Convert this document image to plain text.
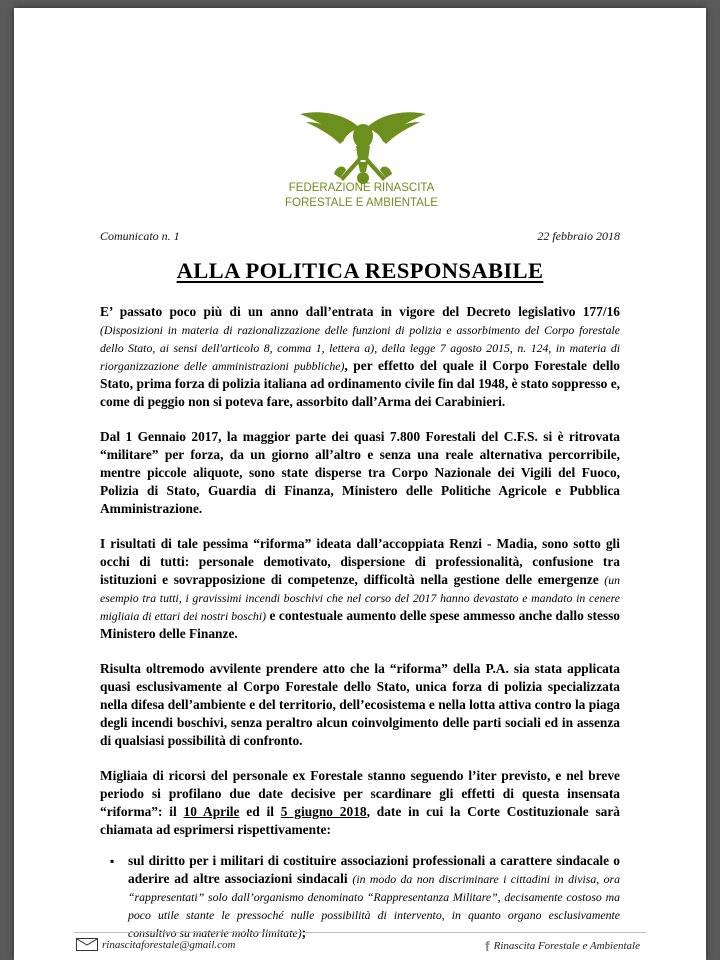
FEDERAZIONE RINASCITA
FORESTALE E AMBIENTALE
Comunicato n. 1	22 febbraio 2018
ALLA POLITICA RESPONSABILE

E’ passato poco più di un anno dall’entrata in vigore del Decreto legislativo 177/16 (Disposizioni in materia di razionalizzazione delle funzioni di polizia e assorbimento del Corpo forestale dello Stato, ai sensi dell'articolo 8, comma 1, lettera a), della legge 7 agosto 2015, n. 124, in materia di riorganizzazione delle amministrazioni pubbliche), per effetto del quale il Corpo Forestale dello Stato, prima forza di polizia italiana ad ordinamento civile fin dal 1948, è stato soppresso e, come di peggio non si poteva fare, assorbito dall’Arma dei Carabinieri.

Dal 1 Gennaio 2017, la maggior parte dei quasi 7.800 Forestali del C.F.S. si è ritrovata “militare” per forza, da un giorno all’altro e senza una reale alternativa percorribile, mentre piccole aliquote, sono state disperse tra Corpo Nazionale dei Vigili del Fuoco, Polizia di Stato, Guardia di Finanza, Ministero delle Politiche Agricole e Pubblica Amministrazione.

I risultati di tale pessima “riforma” ideata dall’accoppiata Renzi - Madia, sono sotto gli occhi di tutti: personale demotivato, dispersione di professionalità, confusione tra istituzioni e sovrapposizione di competenze, difficoltà nella gestione delle emergenze (un esempio tra tutti, i gravissimi incendi boschivi che nel corso del 2017 hanno devastato e mandato in cenere migliaia di ettari dei nostri boschi) e contestuale aumento delle spese ammesso anche dallo stesso Ministero delle Finanze.

Risulta oltremodo avvilente prendere atto che la “riforma” della P.A. sia stata applicata quasi esclusivamente al Corpo Forestale dello Stato, unica forza di polizia specializzata nella difesa dell’ambiente e del territorio, dell’ecosistema e nella lotta attiva contro la piaga degli incendi boschivi, senza peraltro alcun coinvolgimento delle parti sociali ed in assenza di qualsiasi possibilità di confronto.

Migliaia di ricorsi del personale ex Forestale stanno seguendo l’iter previsto, e nel breve periodo si profilano due date decisive per scardinare gli effetti di questa insensata “riforma”: il 10 Aprile ed il 5 giugno 2018, date in cui la Corte Costituzionale sarà chiamata ad esprimersi rispettivamente:

▪ sul diritto per i militari di costituire associazioni professionali a carattere sindacale o aderire ad altre associazioni sindacali (in modo da non discriminare i cittadini in divisa, ora “rappresentati” solo dall’organismo denominato “Rappresentanza Militare”, decisamente costoso ma poco utile stante le pressoché nulle possibilità di intervento, in quanto organo esclusivamente consultivo su materie molto limitate);
rinascitaforestale@gmail.com	f Rinascita Forestale e Ambientale
